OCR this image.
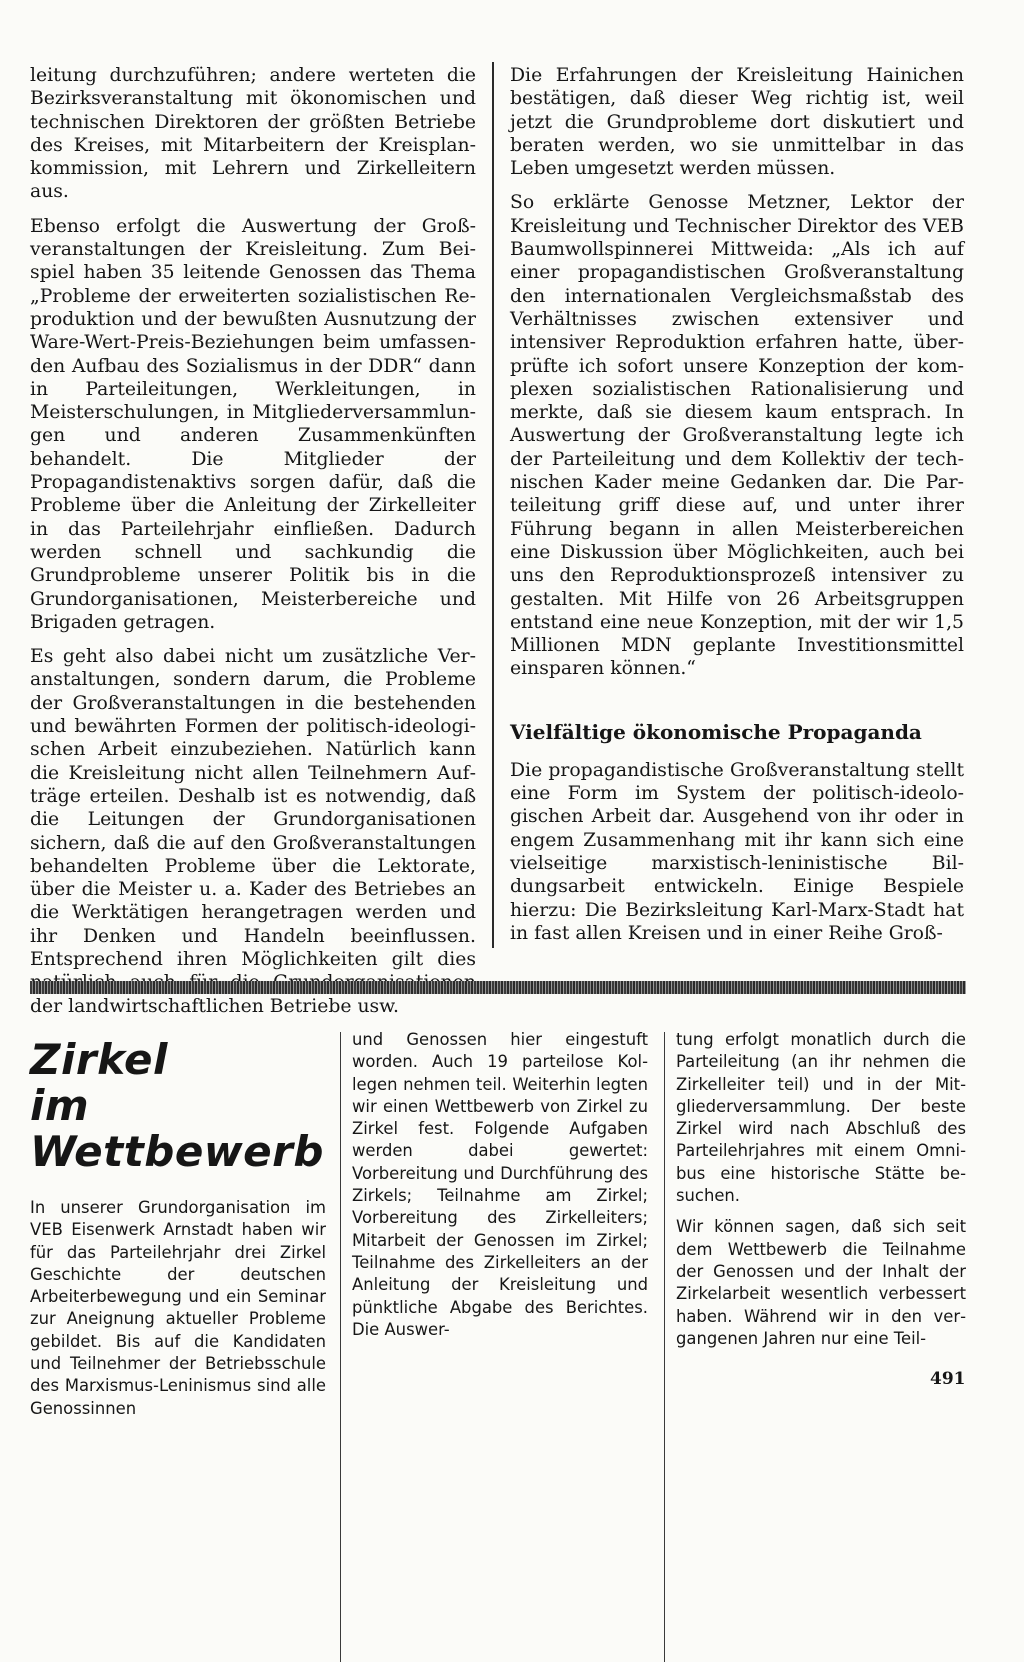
leitung durchzuführen; andere werteten die Bezirksveranstaltung mit ökonomischen und technischen Direktoren der größten Betriebe des Kreises, mit Mitarbeitern der Kreisplankommission, mit Lehrern und Zirkelleitern aus.

Ebenso erfolgt die Auswertung der Großveranstaltungen der Kreisleitung. Zum Beispiel haben 35 leitende Genossen das Thema „Probleme der erweiterten sozialistischen Reproduktion und der bewußten Ausnutzung der Ware-Wert-Preis-Beziehungen beim umfassenden Aufbau des Sozialismus in der DDR“ dann in Parteileitungen, Werkleitungen, in Meisterschulungen, in Mitgliederversammlungen und anderen Zusammenkünften behandelt. Die Mitglieder der Propagandistenaktivs sorgen dafür, daß die Probleme über die Anleitung der Zirkelleiter in das Parteilehrjahr einfließen. Dadurch werden schnell und sachkundig die Grundprobleme unserer Politik bis in die Grundorganisationen, Meisterbereiche und Brigaden getragen.

Es geht also dabei nicht um zusätzliche Veranstaltungen, sondern darum, die Probleme der Großveranstaltungen in die bestehenden und bewährten Formen der politisch-ideologischen Arbeit einzubeziehen. Natürlich kann die Kreisleitung nicht allen Teilnehmern Aufträge erteilen. Deshalb ist es notwendig, daß die Leitungen der Grundorganisationen sichern, daß die auf den Großveranstaltungen behandelten Probleme über die Lektorate, über die Meister u. a. Kader des Betriebes an die Werktätigen herangetragen werden und ihr Denken und Handeln beeinflussen. Entsprechend ihren Möglichkeiten gilt dies der landwirtschaftlichen Betriebe usw.

Die Erfahrungen der Kreisleitung Hainichen bestätigen, daß dieser Weg richtig ist, weil jetzt die Grundprobleme dort diskutiert und beraten werden, wo sie unmittelbar in das Leben umgesetzt werden müssen.

So erklärte Genosse Metzner, Lektor der Kreisleitung und Technischer Direktor des VEB Baumwollspinnerei Mittweida: „Als ich auf einer propagandistischen Großveranstaltung den internationalen Vergleichsmaßstab des Verhältnisses zwischen extensiver und intensiver Reproduktion erfahren hatte, überprüfte ich sofort unsere Konzeption der komplexen sozialistischen Rationalisierung und merkte, daß sie diesem kaum entsprach. In Auswertung der Großveranstaltung legte ich der Parteileitung und dem Kollektiv der technischen Kader meine Gedanken dar. Die Parteileitung griff diese auf, und unter ihrer Führung begann in allen Meisterbereichen eine Diskussion über Möglichkeiten, auch bei uns den Reproduktionsprozeß intensiver zu gestalten. Mit Hilfe von 26 Arbeitsgruppen entstand eine neue Konzeption, mit der wir 1,5 Millionen MDN geplante Investitionsmittel einsparen können.“

Vielfältige ökonomische Propaganda

Die propagandistische Großveranstaltung stellt eine Form im System der politisch-ideologischen Arbeit dar. Ausgehend von ihr oder in engem Zusammenhang mit ihr kann sich eine vielseitige marxistisch-leninistische Bildungsarbeit entwickeln. Einige Bespiele hierzu: Die Bezirksleitung Karl-Marx-Stadt hat in fast allen Kreisen und in einer Reihe Groß-

Zirkel
im Wettbewerb

In unserer Grundorganisation im VEB Eisenwerk Arnstadt haben wir für das Parteilehrjahr drei Zirkel Geschichte der deutschen Arbeiterbewegung und ein Seminar zur Aneignung aktueller Probleme gebildet. Bis auf die Kandidaten und Teilnehmer der Betriebsschule des Marxismus-Leninismus sind alle Genossinnen

und Genossen hier eingestuft worden. Auch 19 parteilose Kollegen nehmen teil. Weiterhin legten wir einen Wettbewerb von Zirkel zu Zirkel fest. Folgende Aufgaben werden dabei gewertet: Vorbereitung und Durchführung des Zirkels; Teilnahme am Zirkel; Vorbereitung des Zirkelleiters; Mitarbeit der Genossen im Zirkel; Teilnahme des Zirkelleiters an der Anleitung der Kreisleitung und pünktliche Abgabe des Berichtes. Die Auswer-

tung erfolgt monatlich durch die Parteileitung (an ihr nehmen die Zirkelleiter teil) und in der Mitgliederversammlung. Der beste Zirkel wird nach Abschluß des Parteilehrjahres mit einem Omnibus eine historische Stätte besuchen.

Wir können sagen, daß sich seit dem Wettbewerb die Teilnahme der Genossen und der Inhalt der Zirkelarbeit wesentlich verbessert haben. Während wir in den vergangenen Jahren nur eine Teil-

491
